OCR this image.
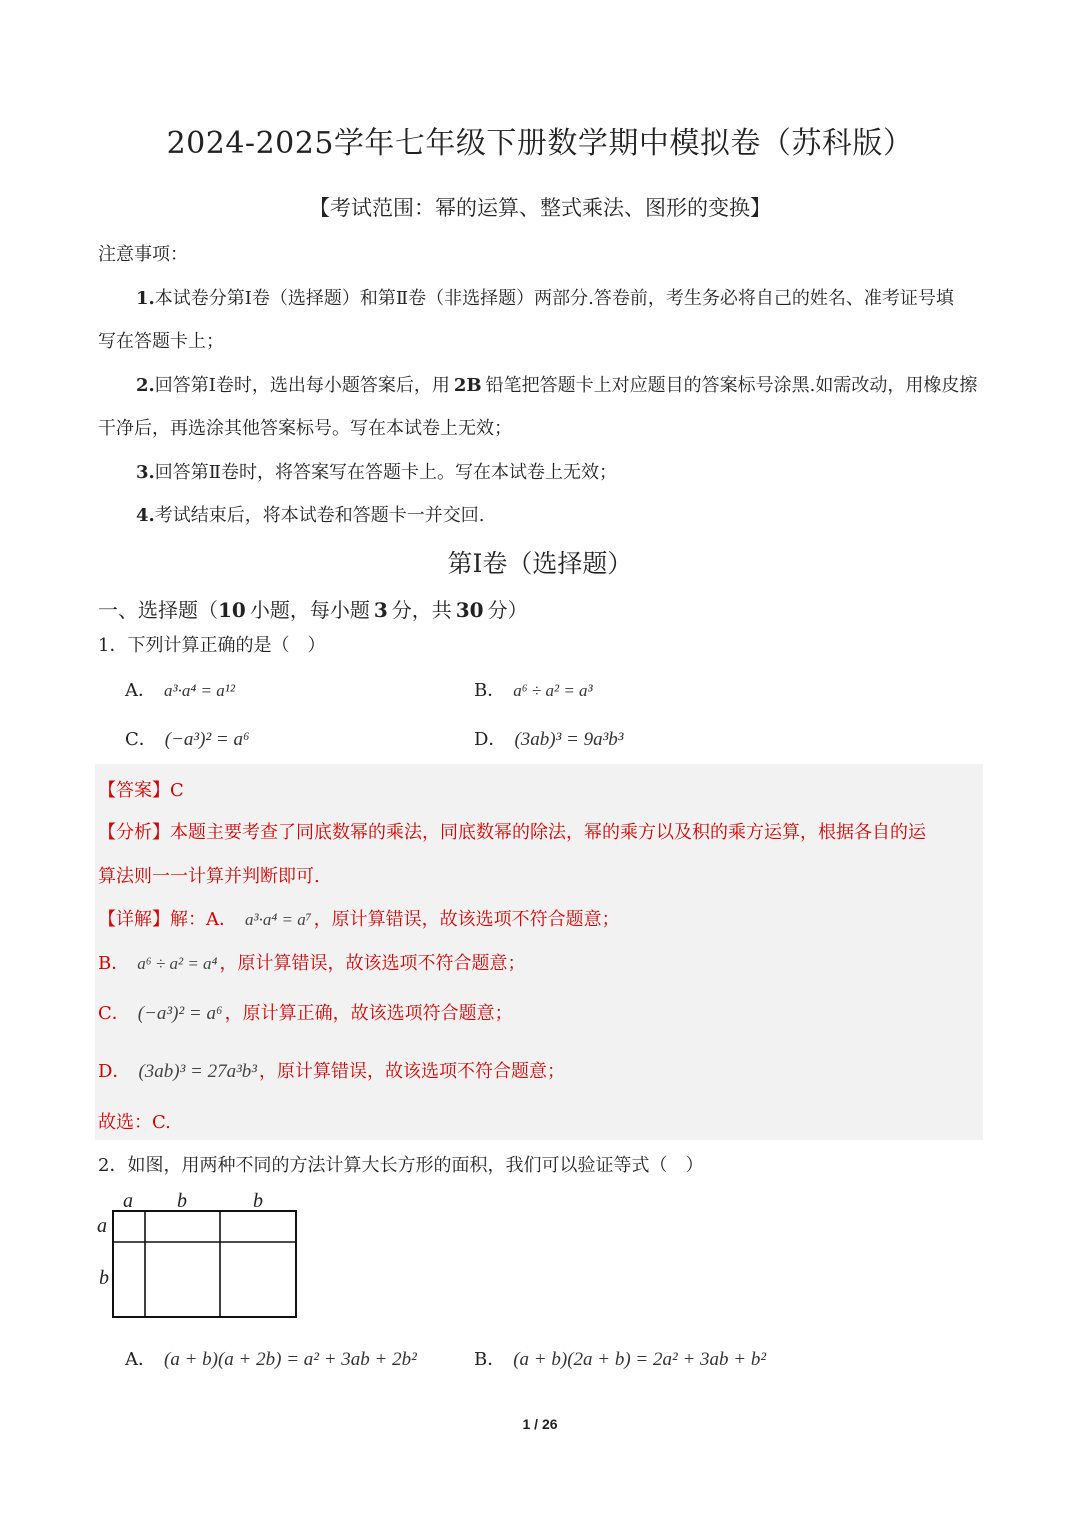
2024-2025学年七年级下册数学期中模拟卷（苏科版）
【考试范围：幂的运算、整式乘法、图形的变换】
注意事项：
1.本试卷分第Ⅰ卷（选择题）和第Ⅱ卷（非选择题）两部分.答卷前，考生务必将自己的姓名、准考证号填
写在答题卡上；
2.回答第Ⅰ卷时，选出每小题答案后，用 2B 铅笔把答题卡上对应题目的答案标号涂黑.如需改动，用橡皮擦
干净后，再选涂其他答案标号。写在本试卷上无效；
3.回答第Ⅱ卷时，将答案写在答题卡上。写在本试卷上无效；
4.考试结束后，将本试卷和答题卡一并交回.
第Ⅰ卷（选择题）
一、选择题（10 小题，每小题 3 分，共 30 分）
1．下列计算正确的是（　）
A． a³·a⁴ = a¹²	B． a⁶ ÷ a² = a³
C． (−a³)² = a⁶	D． (3ab)³ = 9a³b³
【答案】C
【分析】本题主要考查了同底数幂的乘法，同底数幂的除法，幂的乘方以及积的乘方运算，根据各自的运
算法则一一计算并判断即可.
【详解】解：A． a³·a⁴ = a⁷ ，原计算错误，故该选项不符合题意；
B． a⁶ ÷ a² = a⁴ ，原计算错误，故该选项不符合题意；
C． (−a³)² = a⁶ ，原计算正确，故该选项符合题意；
D． (3ab)³ = 27a³b³ ，原计算错误，故该选项不符合题意；
故选：C.
2．如图，用两种不同的方法计算大长方形的面积，我们可以验证等式（　）
a b	b
a
b
A． (a + b)(a + 2b) = a² + 3ab + 2b²	B． (a + b)(2a + b) = 2a² + 3ab + b²
1 / 26
